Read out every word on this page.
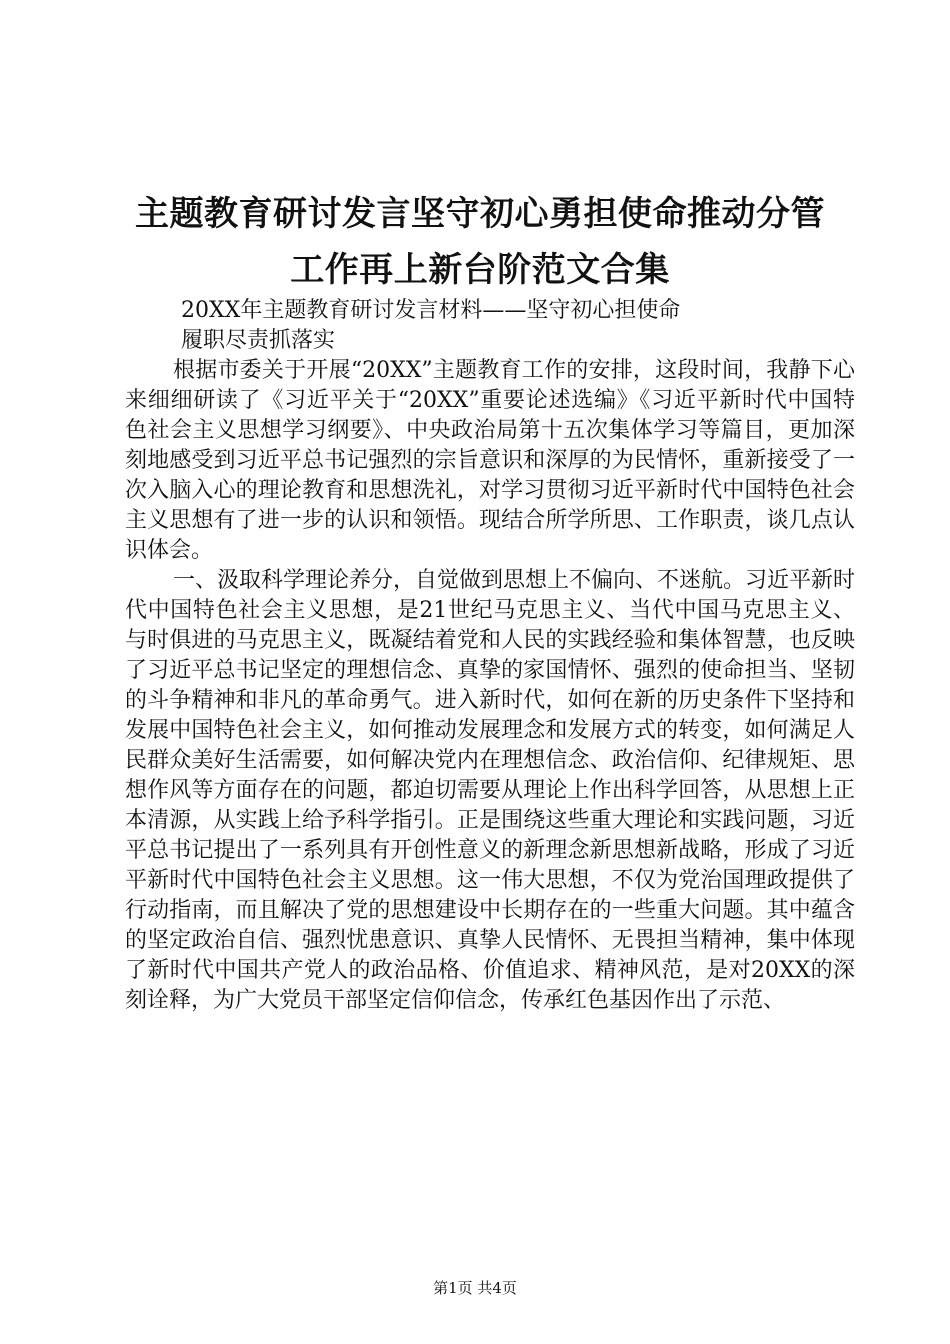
主题教育研讨发言坚守初心勇担使命推动分管
工作再上新台阶范文合集

20XX年主题教育研讨发言材料——坚守初心担使命
履职尽责抓落实

根据市委关于开展“20XX”主题教育工作的安排，这段时间，我静下心来细细研读了《习近平关于“20XX”重要论述选编》《习近平新时代中国特色社会主义思想学习纲要》、中央政治局第十五次集体学习等篇目，更加深刻地感受到习近平总书记强烈的宗旨意识和深厚的为民情怀，重新接受了一次入脑入心的理论教育和思想洗礼，对学习贯彻习近平新时代中国特色社会主义思想有了进一步的认识和领悟。现结合所学所思、工作职责，谈几点认识体会。

一、汲取科学理论养分，自觉做到思想上不偏向、不迷航。习近平新时代中国特色社会主义思想，是21世纪马克思主义、当代中国马克思主义、与时俱进的马克思主义，既凝结着党和人民的实践经验和集体智慧，也反映了习近平总书记坚定的理想信念、真挚的家国情怀、强烈的使命担当、坚韧的斗争精神和非凡的革命勇气。进入新时代，如何在新的历史条件下坚持和发展中国特色社会主义，如何推动发展理念和发展方式的转变，如何满足人民群众美好生活需要，如何解决党内在理想信念、政治信仰、纪律规矩、思想作风等方面存在的问题，都迫切需要从理论上作出科学回答，从思想上正本清源，从实践上给予科学指引。正是围绕这些重大理论和实践问题，习近平总书记提出了一系列具有开创性意义的新理念新思想新战略，形成了习近平新时代中国特色社会主义思想。这一伟大思想，不仅为党治国理政提供了行动指南，而且解决了党的思想建设中长期存在的一些重大问题。其中蕴含的坚定政治自信、强烈忧患意识、真挚人民情怀、无畏担当精神，集中体现了新时代中国共产党人的政治品格、价值追求、精神风范，是对20XX的深刻诠释，为广大党员干部坚定信仰信念，传承红色基因作出了示范、

第1页 共4页
